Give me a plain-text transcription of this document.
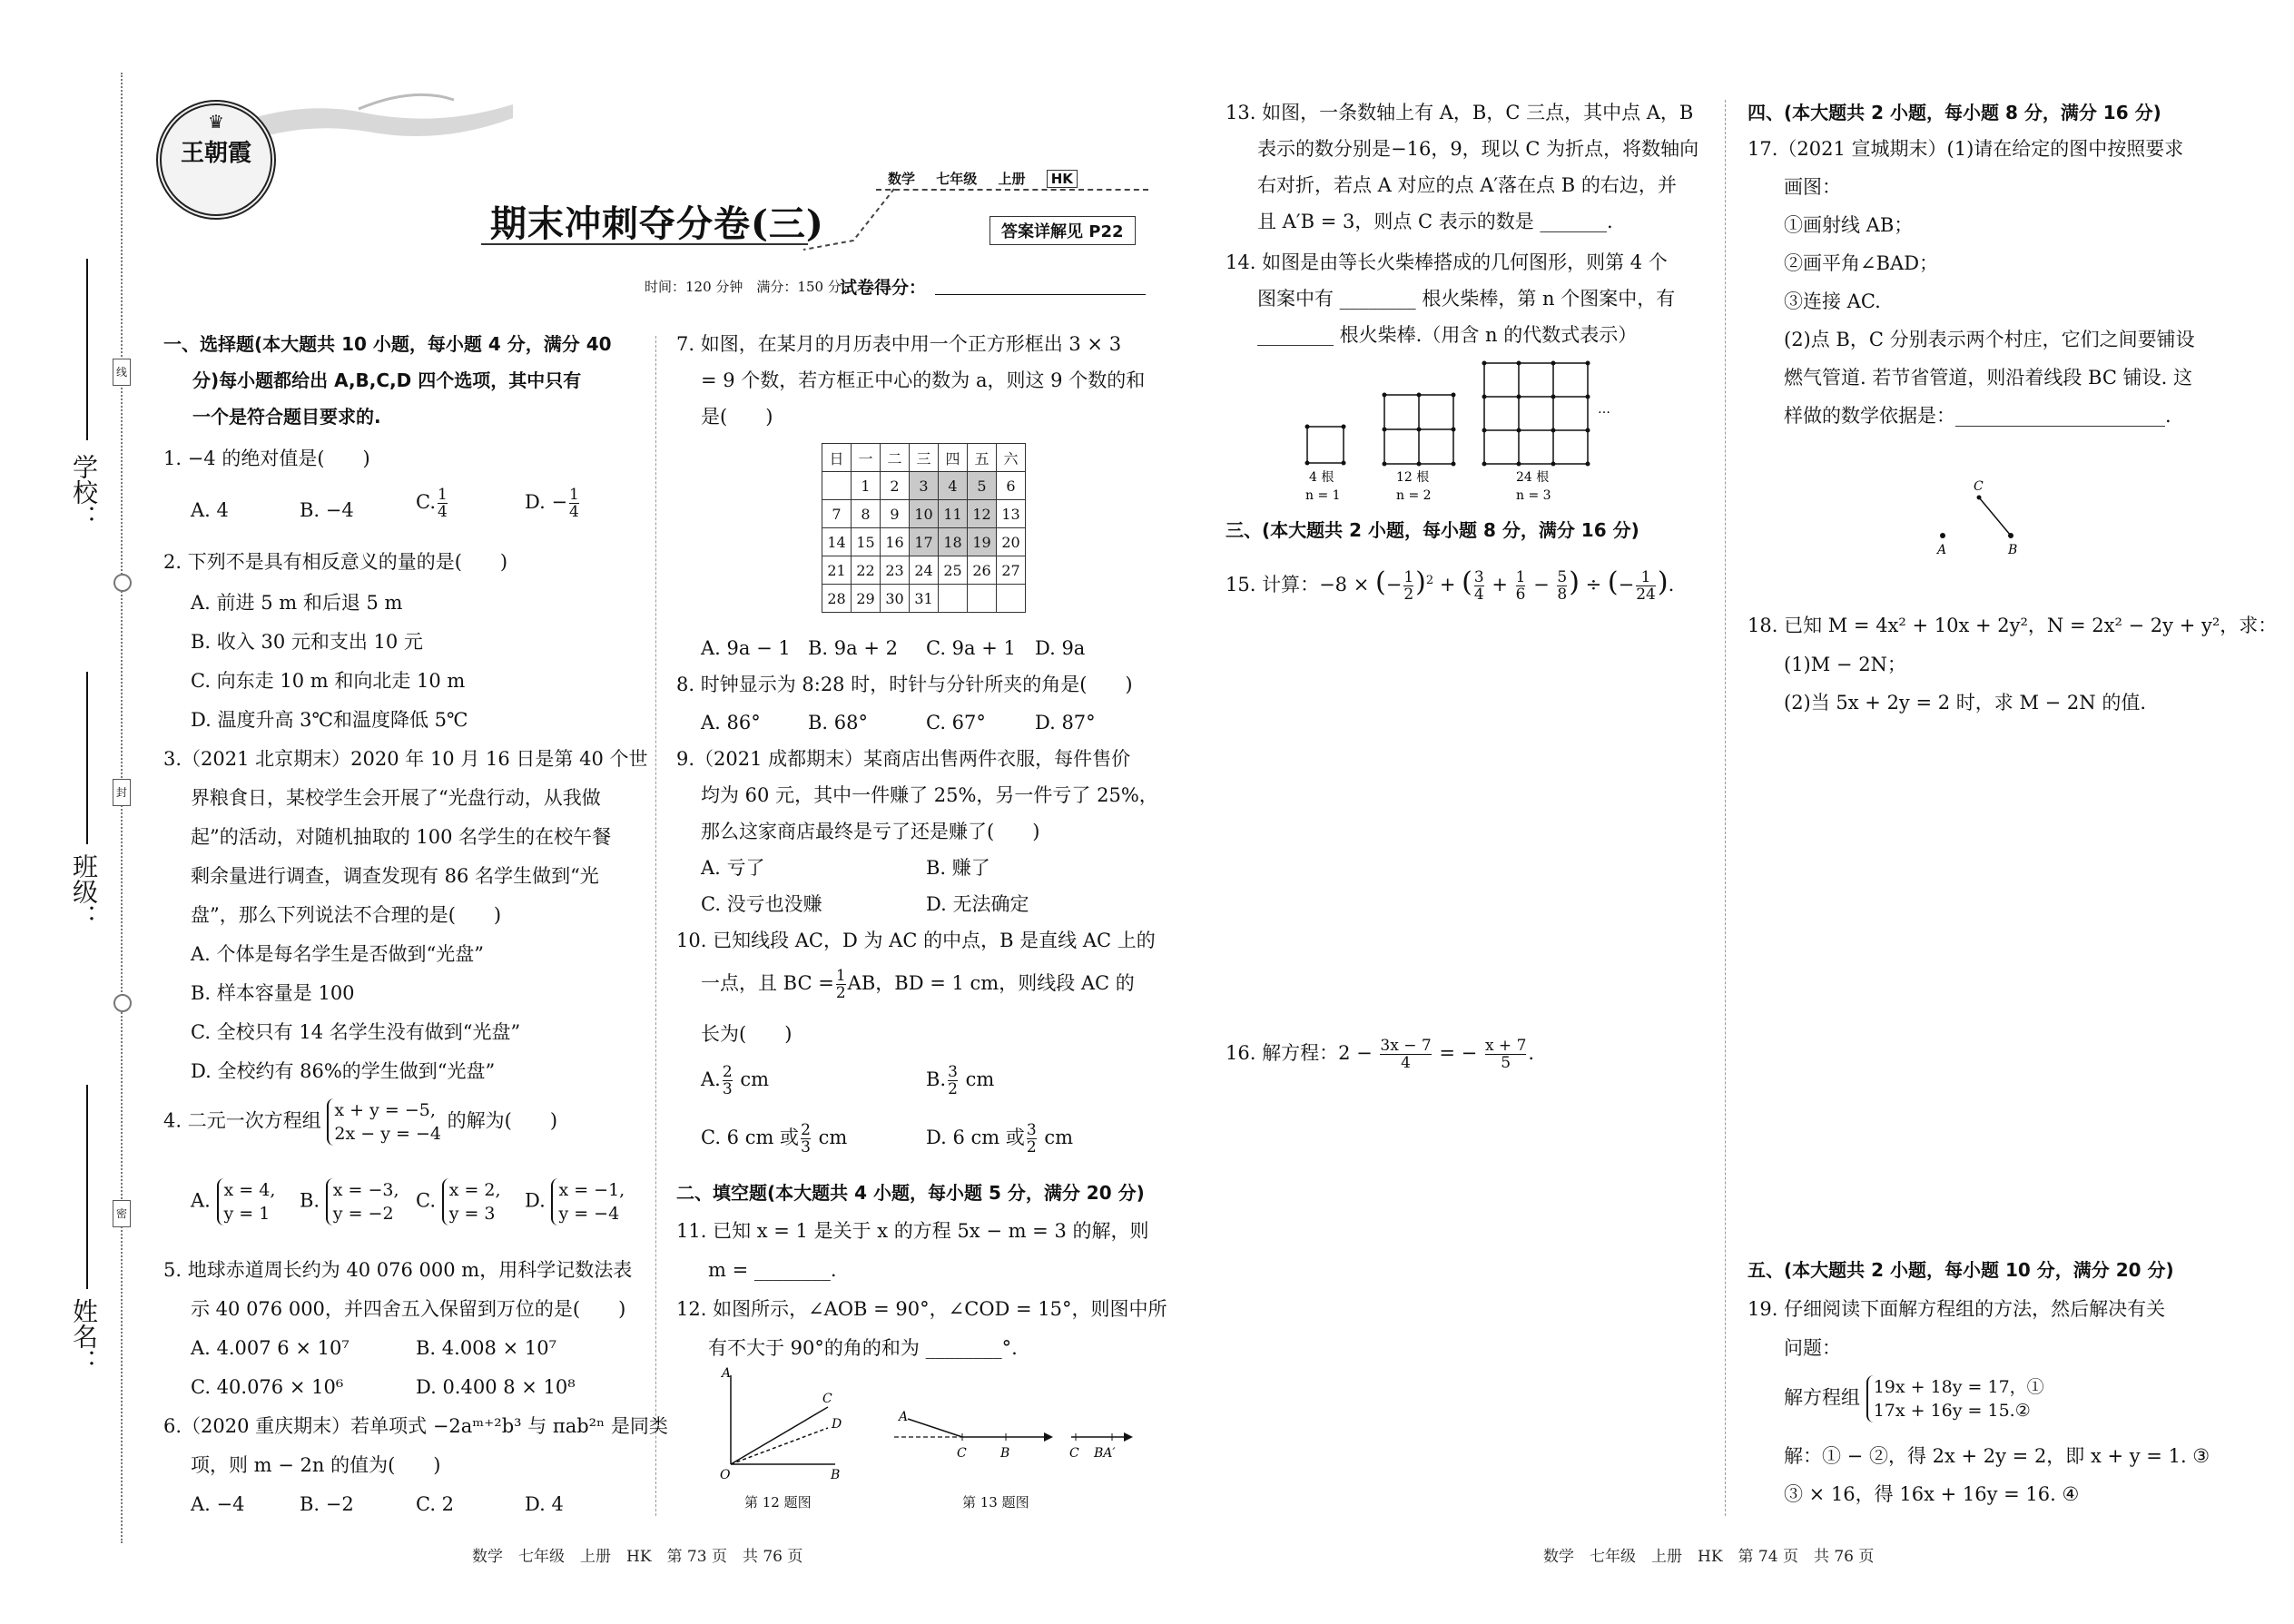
学校：
班级：
姓名：
线
封
密
♛
王朝霞
数学 七年级 上册 HK
期末冲刺夺分卷(三)	答案详解见 P22
时间：120 分钟　满分：150 分
试卷得分：
一、选择题(本大题共 10 小题，每小题 4 分，满分 40
分)每小题都给出 A,B,C,D 四个选项，其中只有
一个是符合题目要求的.
1. −4 的绝对值是(　　)
A. 4	B. −4	C. $\frac{1}{4}$	D. − $\frac{1}{4}$
2. 下列不是具有相反意义的量的是(　　)
A. 前进 5 m 和后退 5 m
B. 收入 30 元和支出 10 元
C. 向东走 10 m 和向北走 10 m
D. 温度升高 3℃和温度降低 5℃
3.（2021 北京期末）2020 年 10 月 16 日是第 40 个世
界粮食日，某校学生会开展了“光盘行动，从我做
起”的活动，对随机抽取的 100 名学生的在校午餐
剩余量进行调查，调查发现有 86 名学生做到“光
盘”，那么下列说法不合理的是(　　)
A. 个体是每名学生是否做到“光盘”
B. 样本容量是 100
C. 全校只有 14 名学生没有做到“光盘”
D. 全校约有 86%的学生做到“光盘”
4. 二元一次方程组 x + y = −5,
2x − y = −4
的解为(　　)
A. x = 4,
y = 1
B. x = −3,
y = −2
C. x = 2,
y = 3
D. x = −1,
y = −4
5. 地球赤道周长约为 40 076 000 m，用科学记数法表
示 40 076 000，并四舍五入保留到万位的是(　　)
A. 4.007 6 × 10⁷	B. 4.008 × 10⁷
C. 40.076 × 10⁶	D. 0.400 8 × 10⁸
6.（2020 重庆期末）若单项式 −2aᵐ⁺²b³ 与 πab²ⁿ 是同类
项，则 m − 2n 的值为(　　)
A. −4	B. −2	C. 2	D. 4
7. 如图，在某月的月历表中用一个正方形框出 3 × 3
= 9 个数，若方框正中心的数为 a，则这 9 个数的和
是(　　)
日	一	二	三	四	五	六
	1	2	3	4	5	6
7	8	9	10	11	12	13
14	15	16	17	18	19	20
21	22	23	24	25	26	27
28	29	30	31			
A. 9a − 1 B. 9a + 2 C. 9a + 1 D. 9a
8. 时钟显示为 8:28 时，时针与分针所夹的角是(　　)
A. 86° B. 68°	C. 67°	D. 87°
9.（2021 成都期末）某商店出售两件衣服，每件售价
均为 60 元，其中一件赚了 25%，另一件亏了 25%，
那么这家商店最终是亏了还是赚了(　　)
A. 亏了	B. 赚了
C. 没亏也没赚	D. 无法确定
10. 已知线段 AC，D 为 AC 的中点，B 是直线 AC 上的
一点，且 BC = $\frac{1}{2}$ AB，BD = 1 cm，则线段 AC 的
长为(　　)
A. $\frac{2}{3}$ cm	B. $\frac{3}{2}$ cm
C. 6 cm 或 $\frac{2}{3}$ cm	D. 6 cm 或 $\frac{3}{2}$ cm
二、填空题(本大题共 4 小题，每小题 5 分，满分 20 分)
11. 已知 x = 1 是关于 x 的方程 5x − m = 3 的解，则
m = ________.
12. 如图所示，∠AOB = 90°，∠COD = 15°，则图中所
有不大于 90°的角的和为 ________°.
A
C
D
O	B
第 12 题图
A
C	B	C BA′
第 13 题图
13. 如图，一条数轴上有 A，B，C 三点，其中点 A，B
表示的数分别是−16，9，现以 C 为折点，将数轴向
右对折，若点 A 对应的点 A′落在点 B 的右边，并
且 A′B = 3，则点 C 表示的数是 _______.
14. 如图是由等长火柴棒搭成的几何图形，则第 4 个
图案中有 ________ 根火柴棒，第 n 个图案中，有
________ 根火柴棒.（用含 n 的代数式表示）
4 根
n = 1
12 根
n = 2
24 根
n = 3
…
三、(本大题共 2 小题，每小题 8 分，满分 16 分)
15. 计算：−8 × (− $\frac{1}{2} )^2$ + ( $\frac{3}{4} + \frac{1}{6} - \frac{5}{8}$ ) ÷ (− $\frac{1}{24}$ ).
16. 解方程：$2 - \frac{3x - 7}{4}$ = − $\frac{x + 7}{5}$ .
四、(本大题共 2 小题，每小题 8 分，满分 16 分)
17.（2021 宣城期末）(1)请在给定的图中按照要求
画图：
①画射线 AB；
②画平角∠BAD；
③连接 AC.
(2)点 B，C 分别表示两个村庄，它们之间要铺设
燃气管道. 若节省管道，则沿着线段 BC 铺设. 这
样做的数学依据是：______________________.
C
A	B
18. 已知 M = 4x² + 10x + 2y²，N = 2x² − 2y + y²，求：
(1)M − 2N；
(2)当 5x + 2y = 2 时，求 M − 2N 的值.
五、(本大题共 2 小题，每小题 10 分，满分 20 分)
19. 仔细阅读下面解方程组的方法，然后解决有关
问题：
解方程组 19x + 18y = 17，①
17x + 16y = 15.②
解：① − ②，得 2x + 2y = 2，即 x + y = 1. ③
③ × 16，得 16x + 16y = 16. ④
数学　七年级　上册　HK　第 73 页　共 76 页	数学　七年级　上册　HK　第 74 页　共 76 页
